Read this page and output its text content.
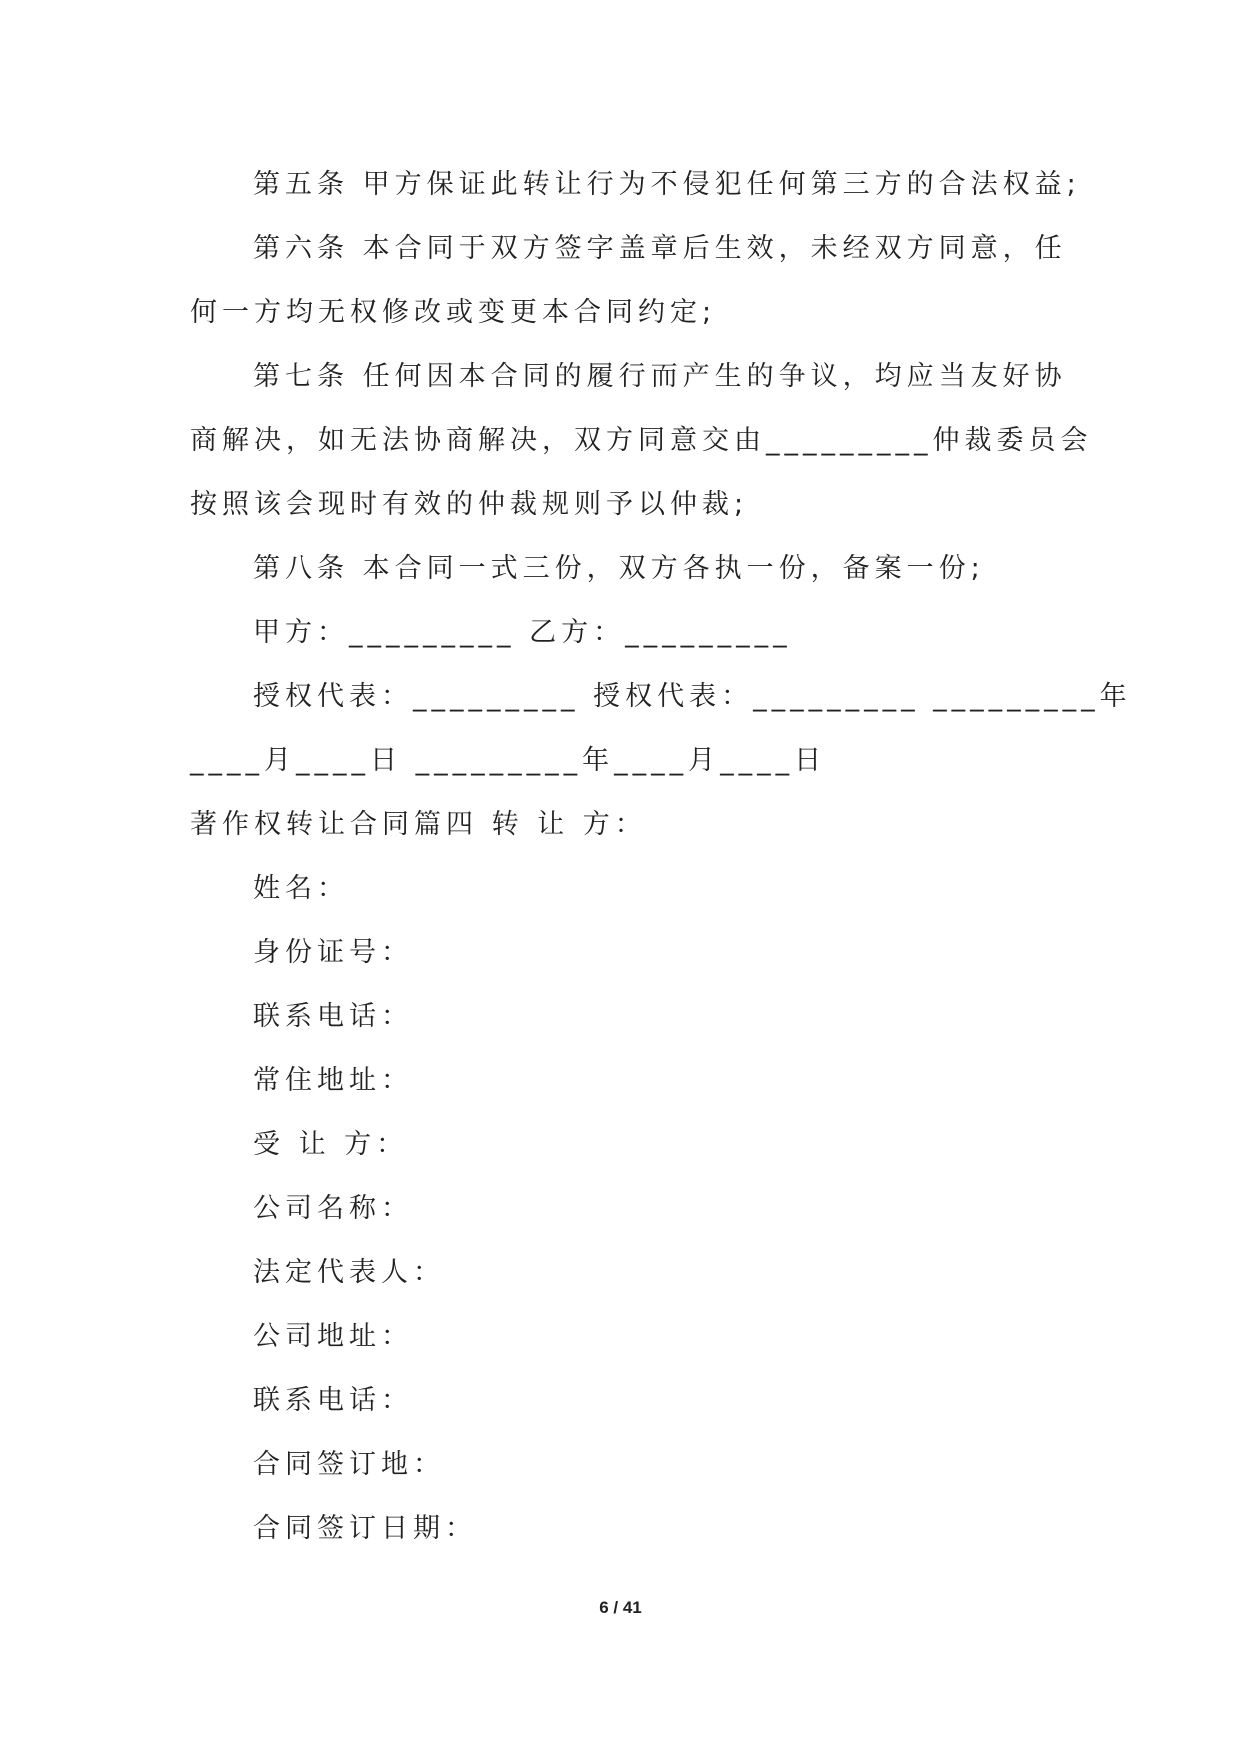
第五条 甲方保证此转让行为不侵犯任何第三方的合法权益;
第六条 本合同于双方签字盖章后生效，未经双方同意，任
何一方均无权修改或变更本合同约定;
第七条 任何因本合同的履行而产生的争议，均应当友好协
商解决，如无法协商解决，双方同意交由_________仲裁委员会
按照该会现时有效的仲裁规则予以仲裁;
第八条 本合同一式三份，双方各执一份，备案一份;
甲方：_________ 乙方：_________
授权代表：_________ 授权代表：_________ _________年
____月____日 _________年____月____日
著作权转让合同篇四 转 让 方：
姓名：
身份证号：
联系电话：
常住地址：
受 让 方：
公司名称：
法定代表人：
公司地址：
联系电话：
合同签订地：
合同签订日期：
6 / 41
